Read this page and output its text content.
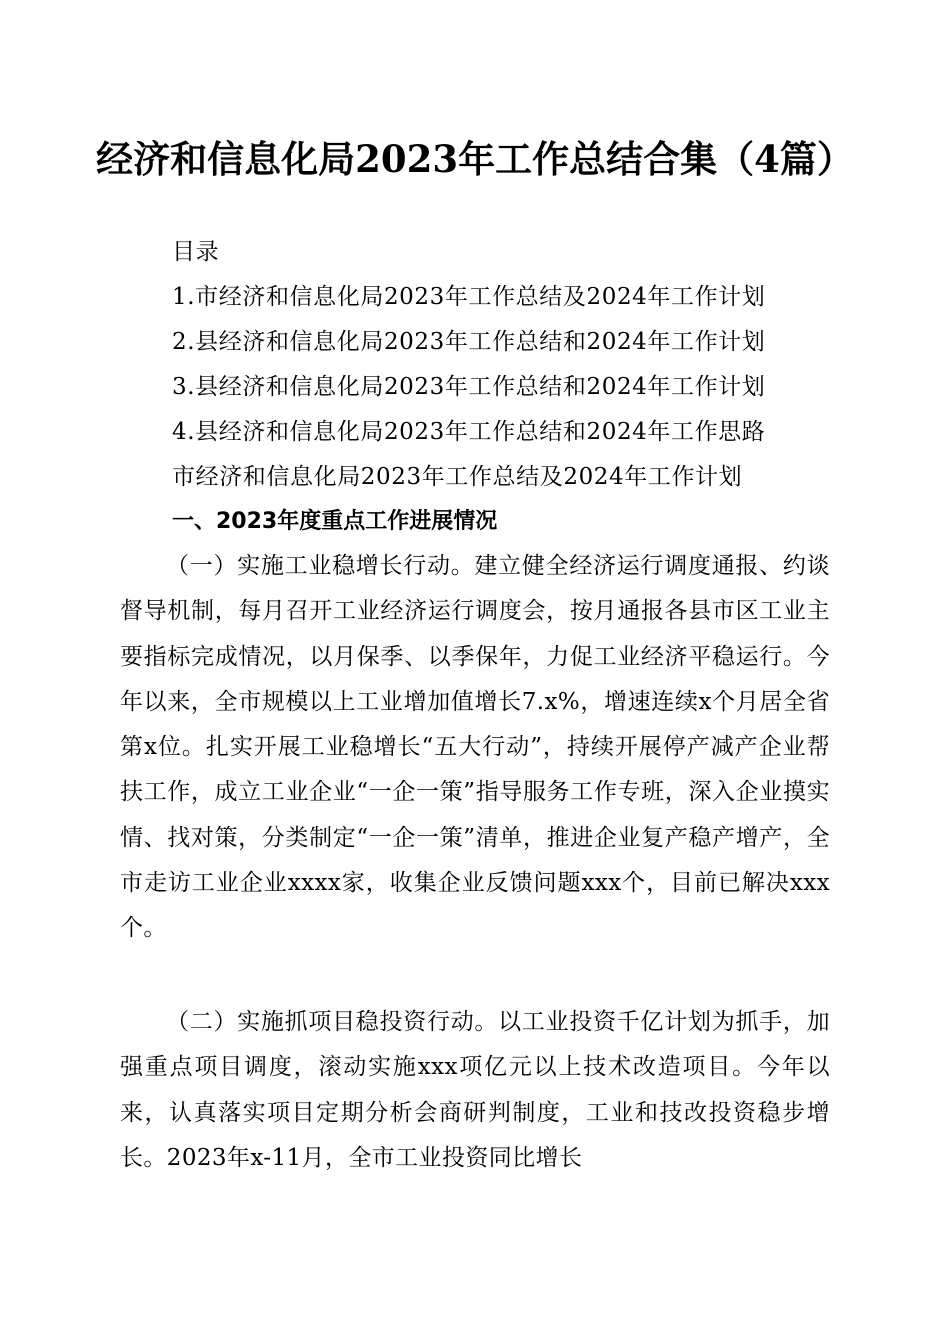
经济和信息化局2023年工作总结合集（4篇）
目录
1.市经济和信息化局2023年工作总结及2024年工作计划
2.县经济和信息化局2023年工作总结和2024年工作计划
3.县经济和信息化局2023年工作总结和2024年工作计划
4.县经济和信息化局2023年工作总结和2024年工作思路
市经济和信息化局2023年工作总结及2024年工作计划
一、2023年度重点工作进展情况

（一）实施工业稳增长行动。建立健全经济运行调度通报、约谈督导机制，每月召开工业经济运行调度会，按月通报各县市区工业主要指标完成情况，以月保季、以季保年，力促工业经济平稳运行。今年以来，全市规模以上工业增加值增长7.x%，增速连续x个月居全省第x位。扎实开展工业稳增长“五大行动”，持续开展停产减产企业帮扶工作，成立工业企业“一企一策”指导服务工作专班，深入企业摸实情、找对策，分类制定“一企一策”清单，推进企业复产稳产增产，全市走访工业企业xxxx家，收集企业反馈问题xxx个，目前已解决xxx个。

（二）实施抓项目稳投资行动。以工业投资千亿计划为抓手，加强重点项目调度，滚动实施xxx项亿元以上技术改造项目。今年以来，认真落实项目定期分析会商研判制度，工业和技改投资稳步增长。2023年x-11月，全市工业投资同比增长
